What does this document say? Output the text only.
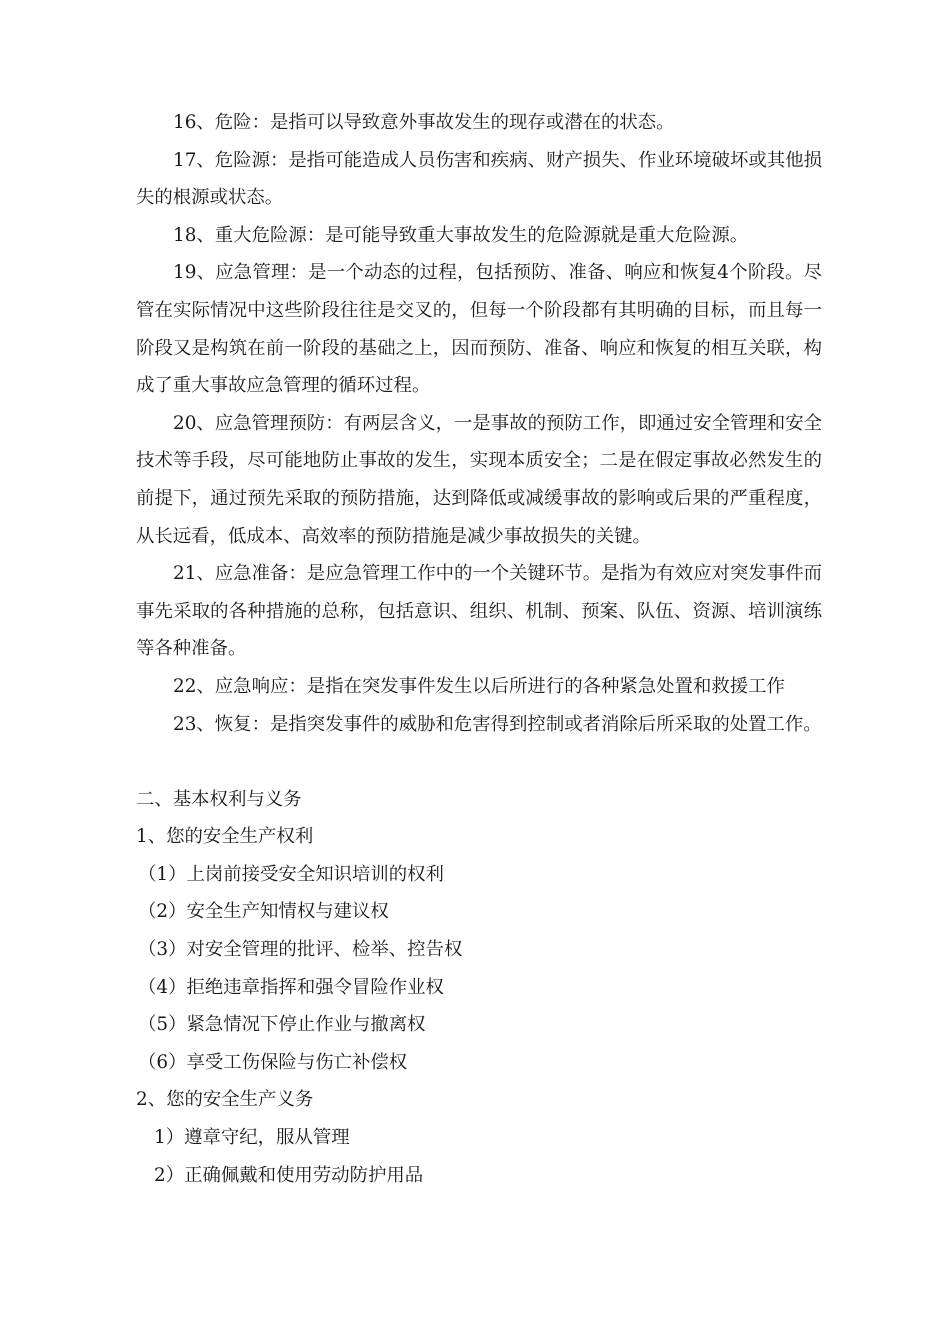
16、危险：是指可以导致意外事故发生的现存或潜在的状态。

17、危险源：是指可能造成人员伤害和疾病、财产损失、作业环境破坏或其他损失的根源或状态。

18、重大危险源：是可能导致重大事故发生的危险源就是重大危险源。

19、应急管理：是一个动态的过程，包括预防、准备、响应和恢复4个阶段。尽管在实际情况中这些阶段往往是交叉的，但每一个阶段都有其明确的目标，而且每一阶段又是构筑在前一阶段的基础之上，因而预防、准备、响应和恢复的相互关联，构成了重大事故应急管理的循环过程。

20、应急管理预防：有两层含义，一是事故的预防工作，即通过安全管理和安全技术等手段，尽可能地防止事故的发生，实现本质安全；二是在假定事故必然发生的前提下，通过预先采取的预防措施，达到降低或减缓事故的影响或后果的严重程度，从长远看，低成本、高效率的预防措施是减少事故损失的关键。

21、应急准备：是应急管理工作中的一个关键环节。是指为有效应对突发事件而事先采取的各种措施的总称，包括意识、组织、机制、预案、队伍、资源、培训演练等各种准备。

22、应急响应：是指在突发事件发生以后所进行的各种紧急处置和救援工作

23、恢复：是指突发事件的威胁和危害得到控制或者消除后所采取的处置工作。

二、基本权利与义务

1、您的安全生产权利

（1）上岗前接受安全知识培训的权利

（2）安全生产知情权与建议权

（3）对安全管理的批评、检举、控告权

（4）拒绝违章指挥和强令冒险作业权

（5）紧急情况下停止作业与撤离权

（6）享受工伤保险与伤亡补偿权

2、您的安全生产义务

1）遵章守纪，服从管理

2）正确佩戴和使用劳动防护用品
